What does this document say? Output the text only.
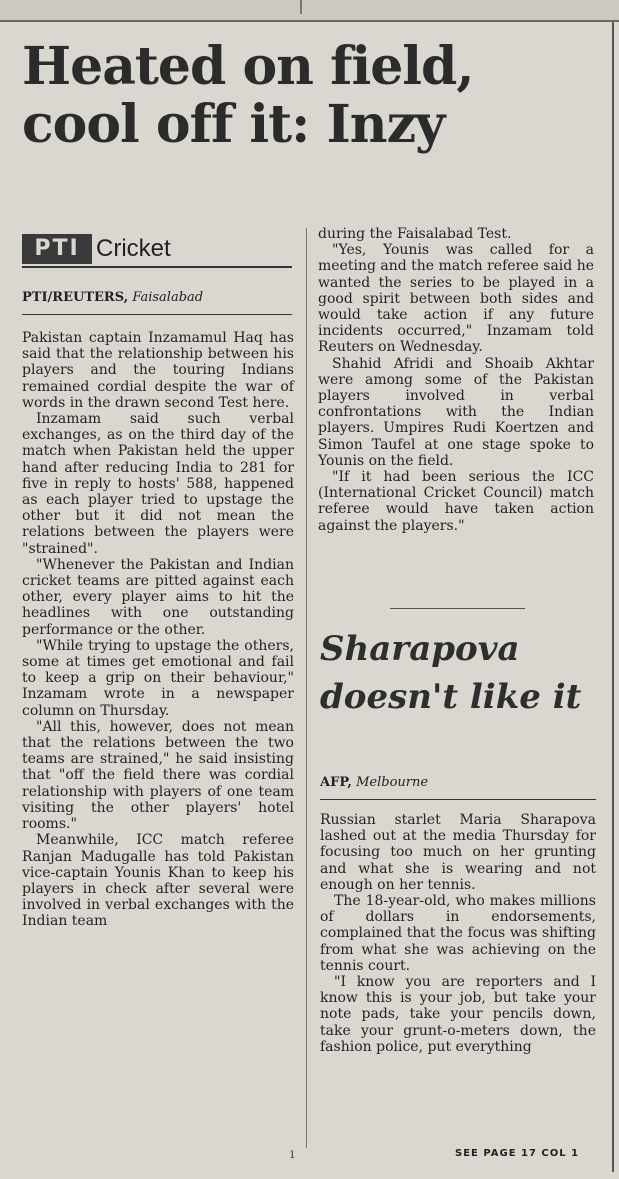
Heated on field, cool off it: Inzy
PTI Cricket
PTI/REUTERS, Faisalabad

Pakistan captain Inzamamul Haq has said that the relationship between his players and the touring Indians remained cordial despite the war of words in the drawn second Test here.

Inzamam said such verbal exchanges, as on the third day of the match when Pakistan held the upper hand after reducing India to 281 for five in reply to hosts' 588, happened as each player tried to upstage the other but it did not mean the relations between the players were "strained".

"Whenever the Pakistan and Indian cricket teams are pitted against each other, every player aims to hit the headlines with one outstanding performance or the other.

"While trying to upstage the others, some at times get emotional and fail to keep a grip on their behaviour," Inzamam wrote in a newspaper column on Thursday.

"All this, however, does not mean that the relations between the two teams are strained," he said insisting that "off the field there was cordial relationship with players of one team visiting the other players' hotel rooms."

Meanwhile, ICC match referee Ranjan Madugalle has told Pakistan vice-captain Younis Khan to keep his players in check after several were involved in verbal exchanges with the Indian team

during the Faisalabad Test.

"Yes, Younis was called for a meeting and the match referee said he wanted the series to be played in a good spirit between both sides and would take action if any future incidents occurred," Inzamam told Reuters on Wednesday.

Shahid Afridi and Shoaib Akhtar were among some of the Pakistan players involved in verbal confrontations with the Indian players. Umpires Rudi Koertzen and Simon Taufel at one stage spoke to Younis on the field.

"If it had been serious the ICC (International Cricket Council) match referee would have taken action against the players."

Sharapova doesn't like it
AFP, Melbourne

Russian starlet Maria Sharapova lashed out at the media Thursday for focusing too much on her grunting and what she is wearing and not enough on her tennis.

The 18-year-old, who makes millions of dollars in endorsements, complained that the focus was shifting from what she was achieving on the tennis court.

"I know you are reporters and I know this is your job, but take your note pads, take your pencils down, take your grunt-o-meters down, the fashion police, put everything

SEE PAGE 17 COL 1
ı
